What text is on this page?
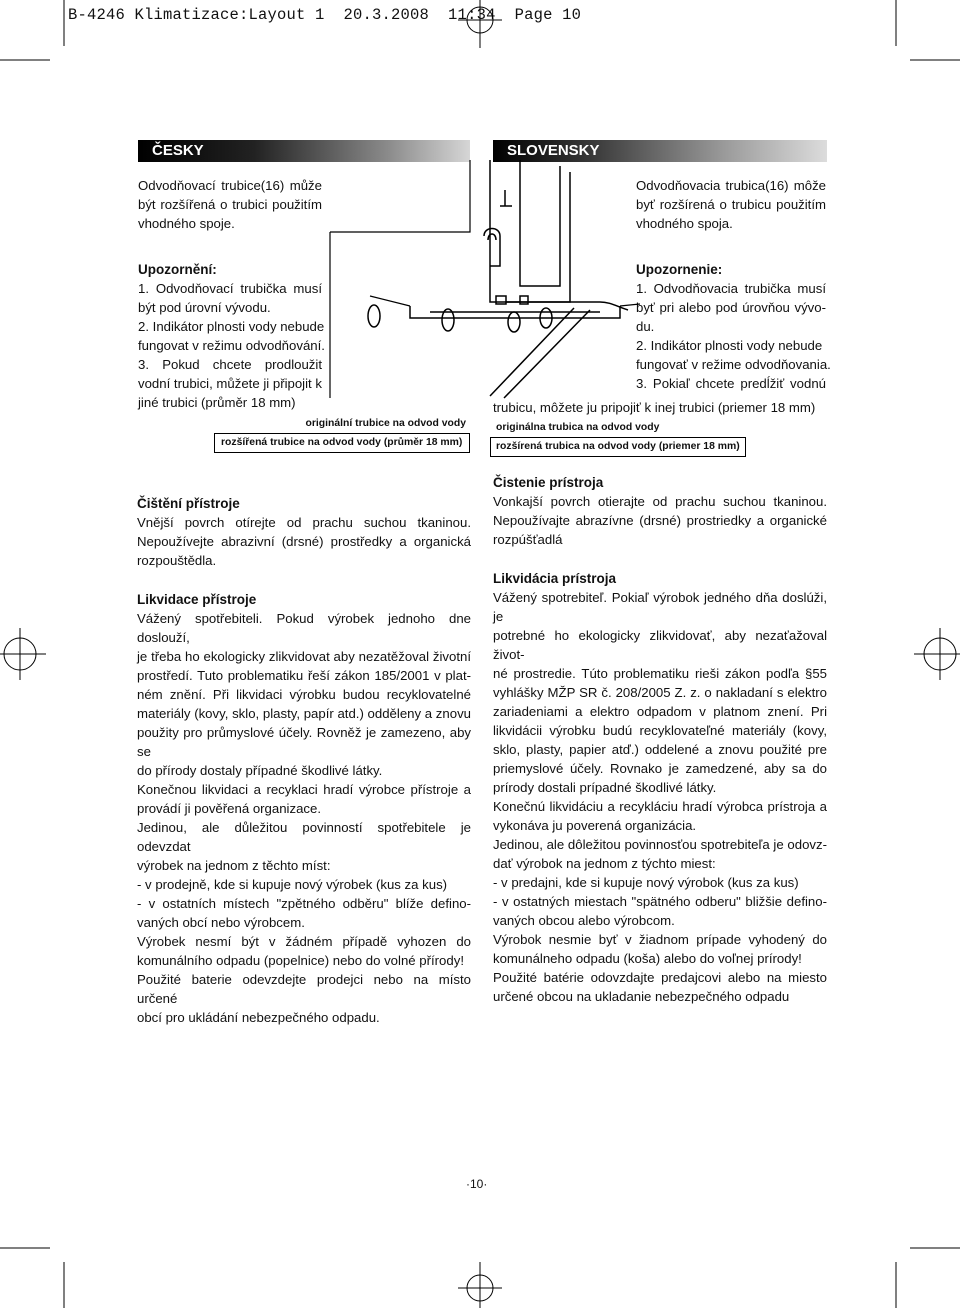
B-4246 Klimatizace:Layout 1  20.3.2008  11:34  Page 10
ČESKY	SLOVENSKY
Odvodňovací trubice(16) může
být rozšířená o trubici použitím
vhodného spoje.
Upozornění:
1. Odvodňovací trubička musí
být pod úrovní vývodu.
2. Indikátor plnosti vody nebude
fungovat v režimu odvodňování.
3. Pokud chcete prodloužit
vodní trubici, můžete ji připojit k
jiné trubici (průměr 18 mm)
originální trubice na odvod vody
rozšířená trubice na odvod vody (průměr 18 mm)
Odvodňovacia trubica(16) môže
byť rozšírená o trubicu použitím
vhodného spoja.
Upozornenie:
1. Odvodňovacia trubička musí
byť pri alebo pod úrovňou vývo-
du.
2. Indikátor plnosti vody nebude
fungovať v režime odvodňovania.
3. Pokiaľ chcete predĺžiť vodnú
trubicu, môžete ju pripojiť k inej trubici (priemer 18 mm)
originálna trubica na odvod vody
rozšírená trubica na odvod vody (priemer 18 mm)
Čištění přístroje
Vnější povrch otírejte od prachu suchou tkaninou.
Nepoužívejte abrazivní (drsné) prostředky a organická
rozpouštědla.
Likvidace přístroje
Vážený spotřebiteli. Pokud výrobek jednoho dne doslouží,
je třeba ho ekologicky zlikvidovat aby nezatěžoval životní
prostředí. Tuto problematiku řeší zákon 185/2001 v plat-
ném znění. Při likvidaci výrobku budou recyklovatelné
materiály (kovy, sklo, plasty, papír atd.) odděleny a znovu
použity pro průmyslové účely. Rovněž je zamezeno, aby se
do přírody dostaly případné škodlivé látky.
Konečnou likvidaci a recyklaci hradí výrobce přístroje a
provádí ji pověřená organizace.
Jedinou, ale důležitou povinností spotřebitele je odevzdat
výrobek na jednom z těchto míst:
- v prodejně, kde si kupuje nový výrobek (kus za kus)
- v ostatních místech "zpětného odběru" blíže defino-
vaných obcí nebo výrobcem.
Výrobek nesmí být v žádném případě vyhozen do
komunálního odpadu (popelnice) nebo do volné přírody!
Použité baterie odevzdejte prodejci nebo na místo určené
obcí pro ukládání nebezpečného odpadu.
Čistenie prístroja
Vonkajší povrch otierajte od prachu suchou tkaninou.
Nepoužívajte abrazívne (drsné) prostriedky a organické
rozpúšťadlá
Likvidácia prístroja
Vážený spotrebiteľ. Pokiaľ výrobok jedného dňa doslúži, je
potrebné ho ekologicky zlikvidovať, aby nezaťažoval život-
né prostredie. Túto problematiku rieši zákon podľa §55
vyhlášky MŽP SR č. 208/2005 Z. z. o nakladaní s elektro
zariadeniami a elektro odpadom v platnom znení. Pri
likvidácii výrobku budú recyklovateľné materiály (kovy,
sklo, plasty, papier atď.) oddelené a znovu použité pre
priemyslové účely. Rovnako je zamedzené, aby sa do
prírody dostali prípadné škodlivé látky.
Konečnú likvidáciu a recykláciu hradí výrobca prístroja a
vykonáva ju poverená organizácia.
Jedinou, ale dôležitou povinnosťou spotrebiteľa je odovz-
dať výrobok na jednom z týchto miest:
- v predajni, kde si kupuje nový výrobok (kus za kus)
- v ostatných miestach "spätného odberu" bližšie defino-
vaných obcou alebo výrobcom.
Výrobok nesmie byť v žiadnom prípade vyhodený do
komunálneho odpadu (koša) alebo do voľnej prírody!
Použité batérie odovzdajte predajcovi alebo na miesto
určené obcou na ukladanie nebezpečného odpadu
·10·
